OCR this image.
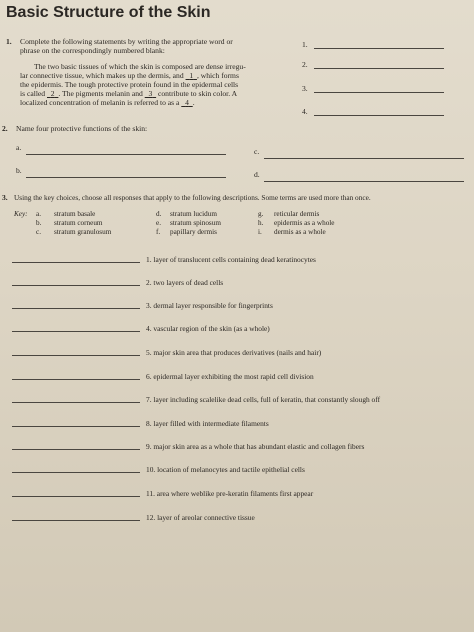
Basic Structure of the Skin
1. Complete the following statements by writing the appropriate word or
phrase on the correspondingly numbered blank:
The two basic tissues of which the skin is composed are dense irregu-
lar connective tissue, which makes up the dermis, and   1 , which forms
the epidermis. The tough protective protein found in the epidermal cells
is called   2 . The pigments melanin and   3   contribute to skin color. A
localized concentration of melanin is referred to as a   4 .
1.
2.
3.
4.
2. Name four protective functions of the skin:
a.	c.
b.	d.
3. Using the key choices, choose all responses that apply to the following descriptions. Some terms are used more than once.
Key: a. stratum basale
b. stratum corneum
c. stratum granulosum
d. stratum lucidum
e. stratum spinosum
f. papillary dermis
g. reticular dermis
h. epidermis as a whole
i. dermis as a whole
1. layer of translucent cells containing dead keratinocytes
2. two layers of dead cells
3. dermal layer responsible for fingerprints
4. vascular region of the skin (as a whole)
5. major skin area that produces derivatives (nails and hair)
6. epidermal layer exhibiting the most rapid cell division
7. layer including scalelike dead cells, full of keratin, that constantly slough off
8. layer filled with intermediate filaments
9. major skin area as a whole that has abundant elastic and collagen fibers
10. location of melanocytes and tactile epithelial cells
11. area where weblike pre-keratin filaments first appear
12. layer of areolar connective tissue
